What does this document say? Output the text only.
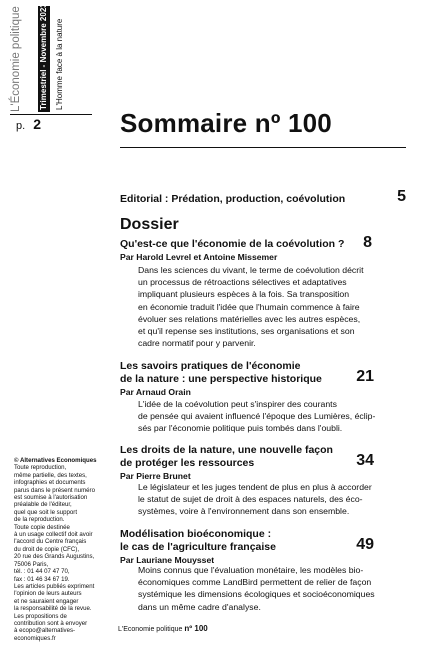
L'Économie politique Trimestriel - Novembre 2023 L'Homme face à la nature
p. 2	Sommaire nº 100
Editorial : Prédation, production, coévolution	5
Dossier
Qu'est-ce que l'économie de la coévolution ?
Par Harold Levrel et Antoine Missemer
8
Dans les sciences du vivant, le terme de coévolution décrit
un processus de rétroactions sélectives et adaptatives
impliquant plusieurs espèces à la fois. Sa transposition
en économie traduit l'idée que l'humain commence à faire
évoluer ses relations matérielles avec les autres espèces,
et qu'il repense ses institutions, ses organisations et son
cadre normatif pour y parvenir.
Les savoirs pratiques de l'économie
de la nature : une perspective historique
Par Arnaud Orain
21
L'idée de la coévolution peut s'inspirer des courants
de pensée qui avaient influencé l'époque des Lumières, éclip-
sés par l'économie politique puis tombés dans l'oubli.
Les droits de la nature, une nouvelle façon
de protéger les ressources
Par Pierre Brunet
34
Le législateur et les juges tendent de plus en plus à accorder
le statut de sujet de droit à des espaces naturels, des éco-
systèmes, voire à l'environnement dans son ensemble.
Modélisation bioéconomique :
le cas de l'agriculture française
Par Lauriane Mouysset
49
Moins connus que l'évaluation monétaire, les modèles bio-
économiques comme LandBird permettent de relier de façon
systémique les dimensions écologiques et socioéconomiques
dans un même cadre d'analyse.
© Alternatives Economiques
Toute reproduction,
même partielle, des textes,
infographies et documents
parus dans le présent numéro
est soumise à l'autorisation
préalable de l'éditeur,
quel que soit le support
de la reproduction.
Toute copie destinée
à un usage collectif doit avoir
l'accord du Centre français
du droit de copie (CFC),
20 rue des Grands Augustins,
75006 Paris,
tél. : 01 44 07 47 70,
fax : 01 46 34 67 19.
Les articles publiés expriment
l'opinion de leurs auteurs
et ne sauraient engager
la responsabilité de la revue.
Les propositions de
contribution sont à envoyer
à ecopo@alternatives-
economiques.fr
L'Economie politique nº 100
